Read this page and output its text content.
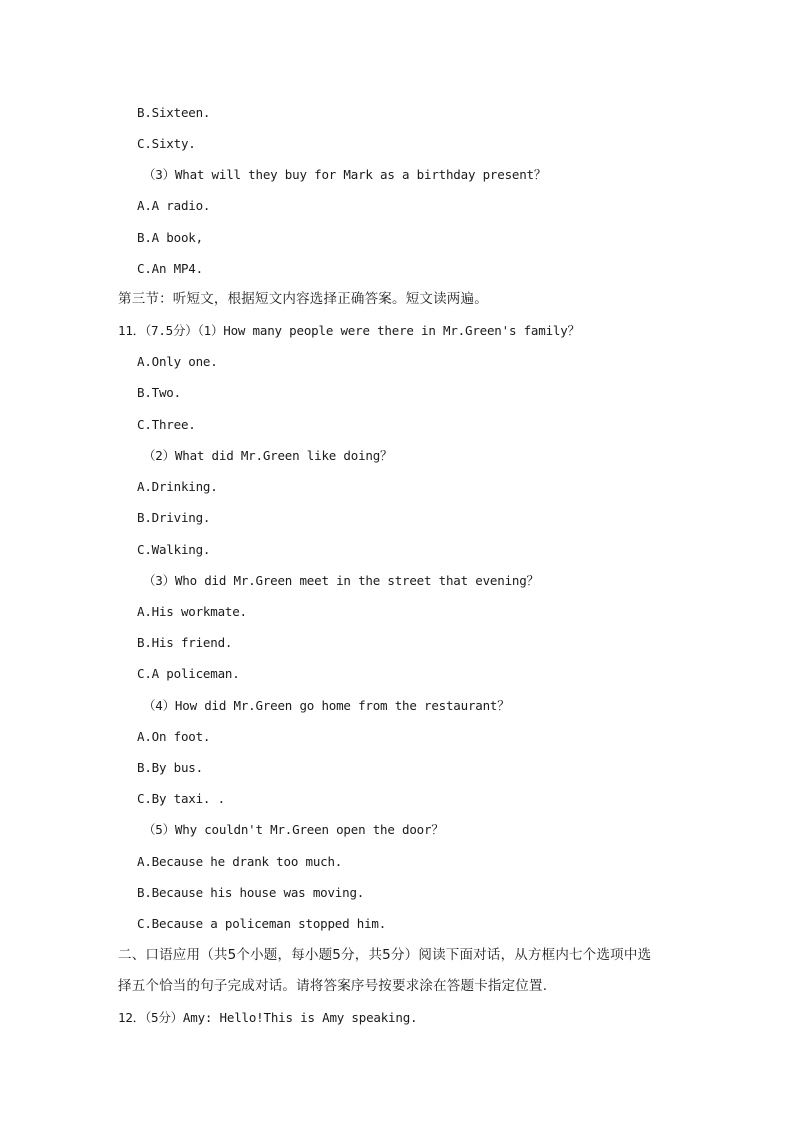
B.Sixteen.
C.Sixty.
（3）What will they buy for Mark as a birthday present？
A.A radio.
B.A book,
C.An MP4.
第三节：听短文，根据短文内容选择正确答案。短文读两遍。
11．（7.5分）（1）How many people were there in Mr.Green's family？
A.Only one.
B.Two.
C.Three.
（2）What did Mr.Green like doing？
A.Drinking.
B.Driving.
C.Walking.
（3）Who did Mr.Green meet in the street that evening？
A.His workmate.
B.His friend.
C.A policeman.
（4）How did Mr.Green go home from the restaurant？
A.On foot.
B.By bus.
C.By taxi. .
（5）Why couldn't Mr.Green open the door？
A.Because he drank too much.
B.Because his house was moving.
C.Because a policeman stopped him.
二、口语应用（共5个小题，每小题5分，共5分）阅读下面对话，从方框内七个选项中选
择五个恰当的句子完成对话。请将答案序号按要求涂在答题卡指定位置.
12．（5分）Amy: Hello!This is Amy speaking.
